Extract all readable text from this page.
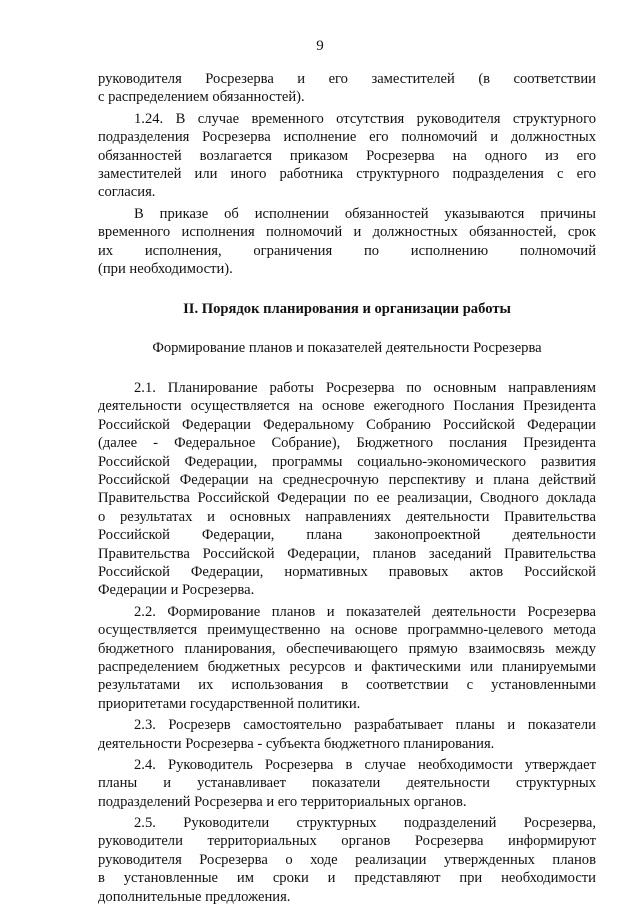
9
руководителя Росрезерва и его заместителей (в соответствии
с распределением обязанностей).
1.24. В случае временного отсутствия руководителя структурного
подразделения Росрезерва исполнение его полномочий и должностных
обязанностей возлагается приказом Росрезерва на одного из его
заместителей или иного работника структурного подразделения с его
согласия.
В приказе об исполнении обязанностей указываются причины
временного исполнения полномочий и должностных обязанностей, срок
их исполнения, ограничения по исполнению полномочий
(при необходимости).
II. Порядок планирования и организации работы
Формирование планов и показателей деятельности Росрезерва
2.1. Планирование работы Росрезерва по основным направлениям
деятельности осуществляется на основе ежегодного Послания Президента
Российской Федерации Федеральному Собранию Российской Федерации
(далее - Федеральное Собрание), Бюджетного послания Президента
Российской Федерации, программы социально-экономического развития
Российской Федерации на среднесрочную перспективу и плана действий
Правительства Российской Федерации по ее реализации, Сводного доклада
о результатах и основных направлениях деятельности Правительства
Российской Федерации, плана законопроектной деятельности
Правительства Российской Федерации, планов заседаний Правительства
Российской Федерации, нормативных правовых актов Российской
Федерации и Росрезерва.
2.2. Формирование планов и показателей деятельности Росрезерва
осуществляется преимущественно на основе программно-целевого метода
бюджетного планирования, обеспечивающего прямую взаимосвязь между
распределением бюджетных ресурсов и фактическими или планируемыми
результатами их использования в соответствии с установленными
приоритетами государственной политики.
2.3. Росрезерв самостоятельно разрабатывает планы и показатели
деятельности Росрезерва - субъекта бюджетного планирования.
2.4. Руководитель Росрезерва в случае необходимости утверждает
планы и устанавливает показатели деятельности структурных
подразделений Росрезерва и его территориальных органов.
2.5. Руководители структурных подразделений Росрезерва,
руководители территориальных органов Росрезерва информируют
руководителя Росрезерва о ходе реализации утвержденных планов
в установленные им сроки и представляют при необходимости
дополнительные предложения.
